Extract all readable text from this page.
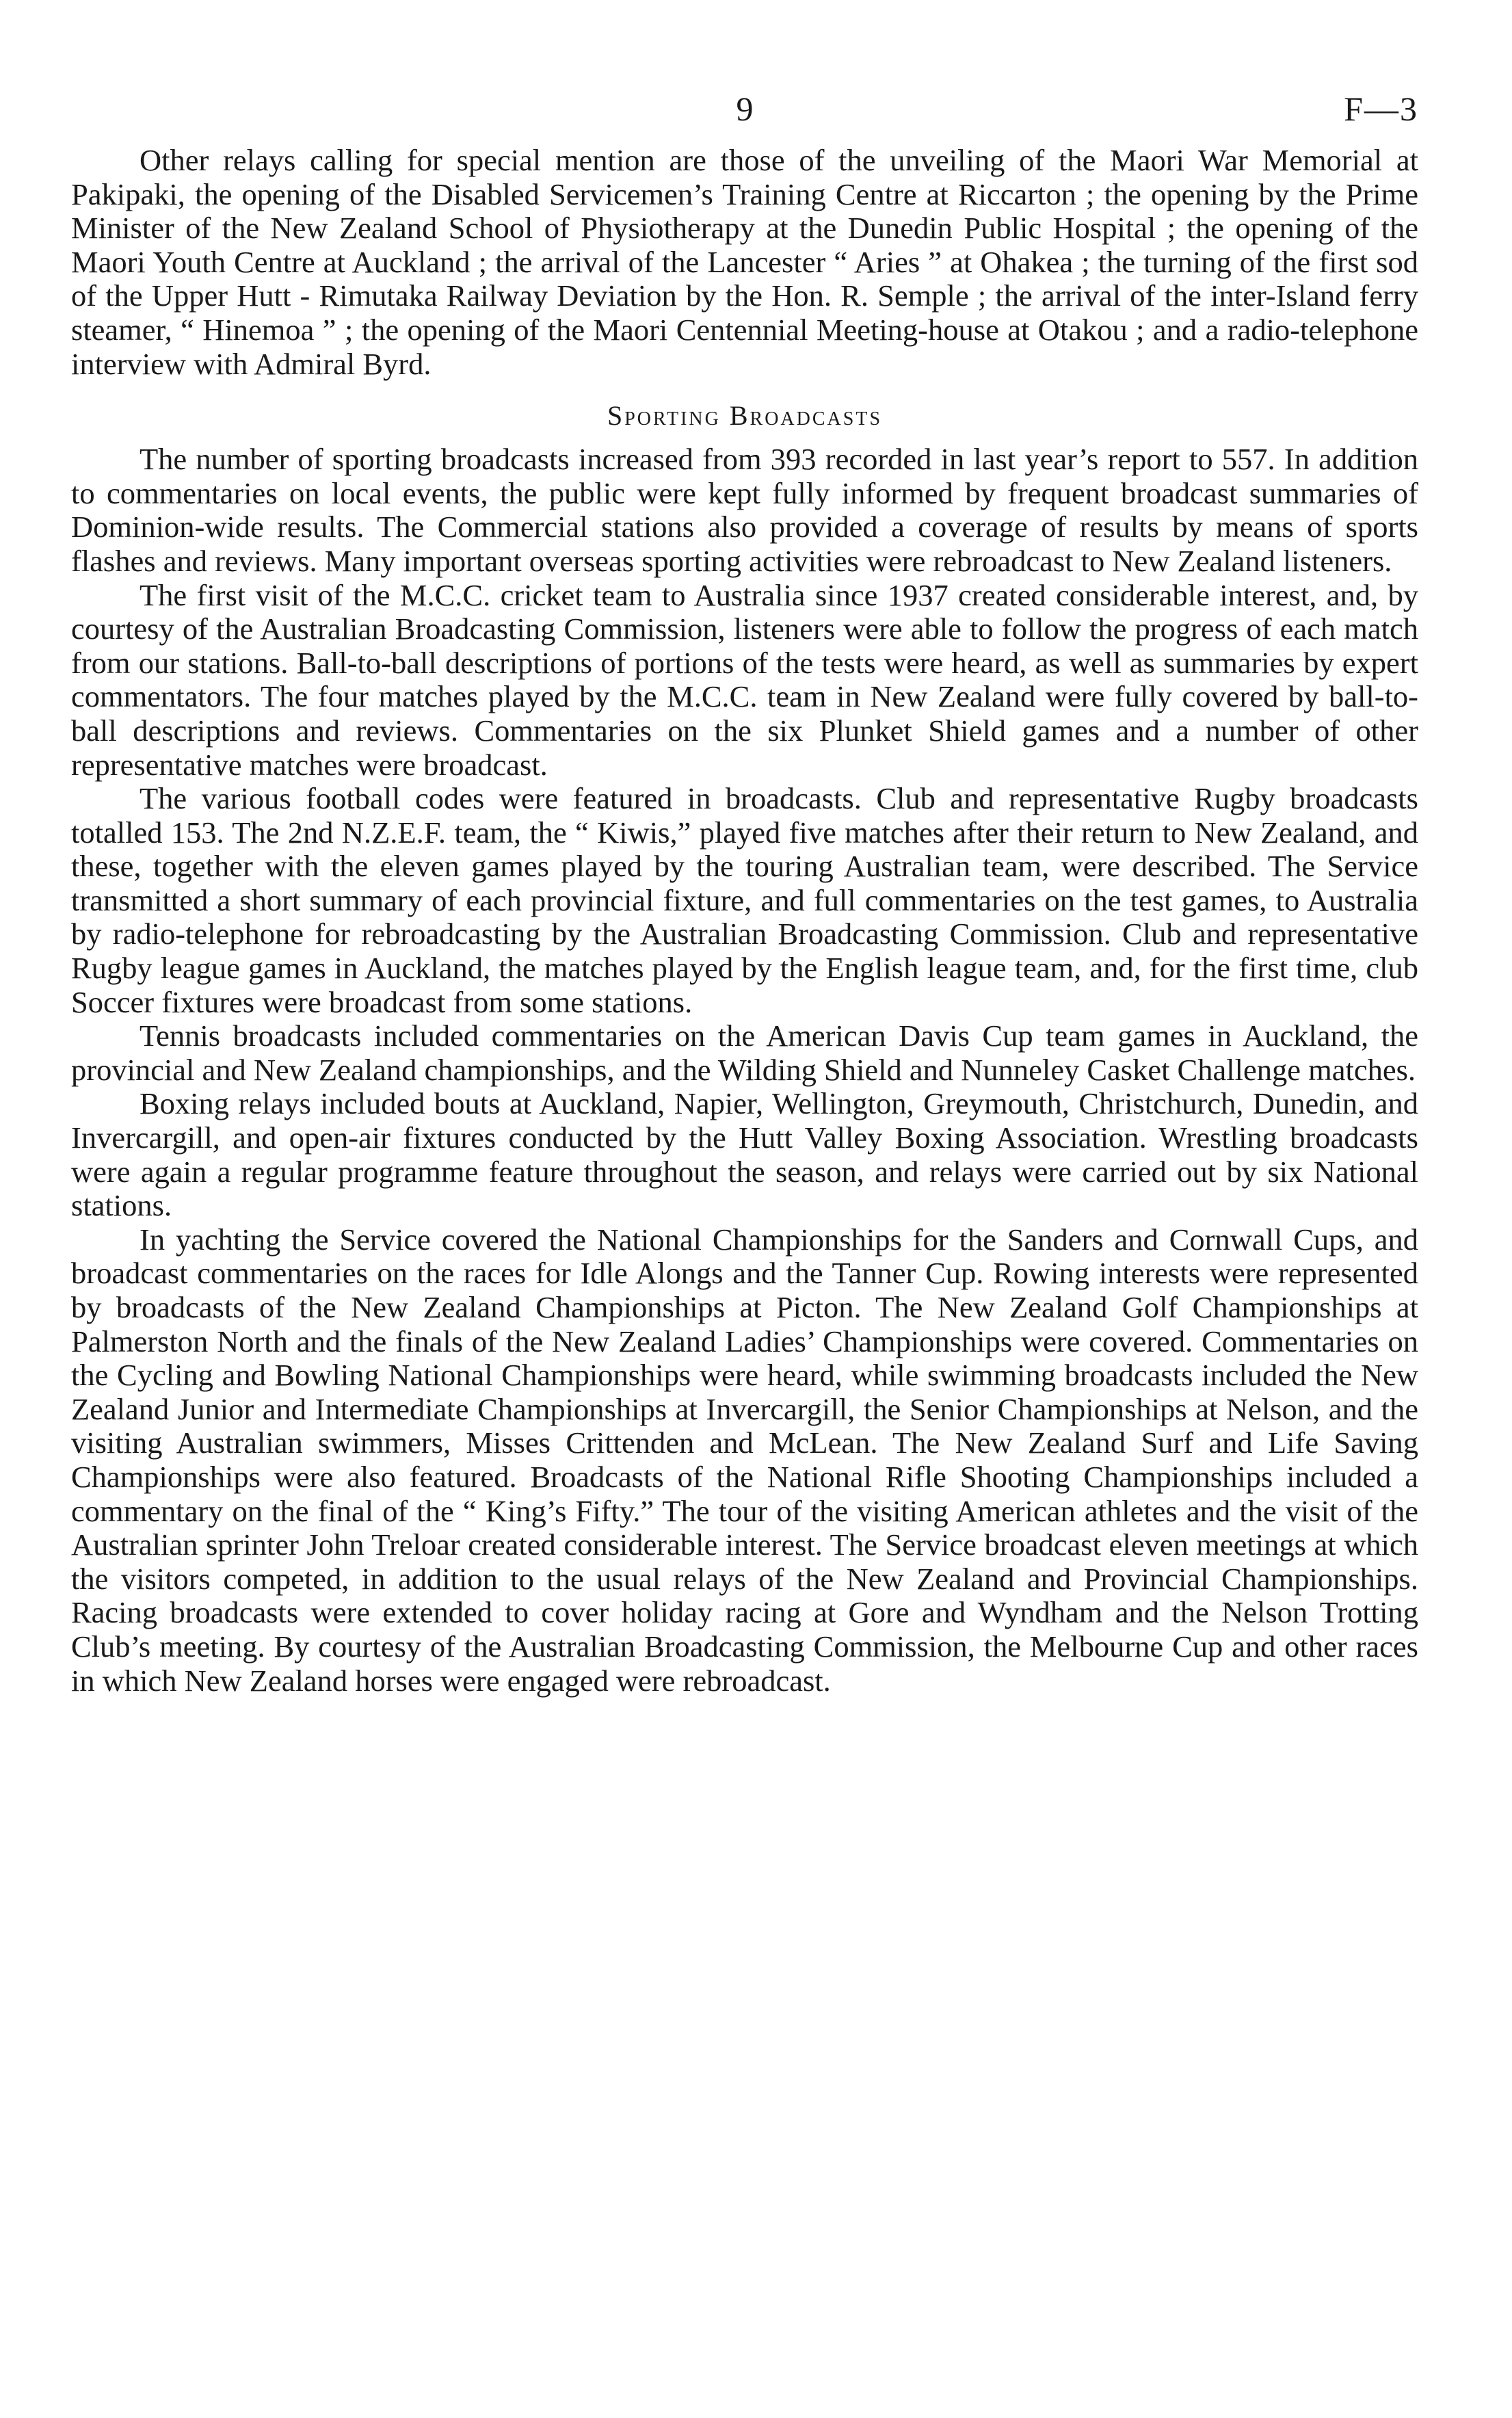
9	F—3

Other relays calling for special mention are those of the unveiling of the Maori War Memorial at Pakipaki, the opening of the Disabled Servicemen’s Training Centre at Riccarton ; the opening by the Prime Minister of the New Zealand School of Physiotherapy at the Dunedin Public Hospital ; the opening of the Maori Youth Centre at Auckland ; the arrival of the Lancester “ Aries ” at Ohakea ; the turning of the first sod of the Upper Hutt - Rimutaka Railway Deviation by the Hon. R. Semple ; the arrival of the inter-Island ferry steamer, “ Hinemoa ” ; the opening of the Maori Centennial Meeting-house at Otakou ; and a radio-telephone interview with Admiral Byrd.

Sporting Broadcasts

The number of sporting broadcasts increased from 393 recorded in last year’s report to 557. In addition to commentaries on local events, the public were kept fully informed by frequent broadcast summaries of Dominion-wide results. The Commercial stations also provided a coverage of results by means of sports flashes and reviews. Many important overseas sporting activities were rebroadcast to New Zealand listeners.

The first visit of the M.C.C. cricket team to Australia since 1937 created considerable interest, and, by courtesy of the Australian Broadcasting Commission, listeners were able to follow the progress of each match from our stations. Ball-to-ball descriptions of portions of the tests were heard, as well as summaries by expert commentators. The four matches played by the M.C.C. team in New Zealand were fully covered by ball-to-ball descriptions and reviews. Commentaries on the six Plunket Shield games and a number of other representative matches were broadcast.

The various football codes were featured in broadcasts. Club and representative Rugby broadcasts totalled 153. The 2nd N.Z.E.F. team, the “ Kiwis,” played five matches after their return to New Zealand, and these, together with the eleven games played by the touring Australian team, were described. The Service transmitted a short summary of each provincial fixture, and full commentaries on the test games, to Australia by radio-telephone for rebroadcasting by the Australian Broadcasting Commission. Club and representative Rugby league games in Auckland, the matches played by the English league team, and, for the first time, club Soccer fixtures were broadcast from some stations.

Tennis broadcasts included commentaries on the American Davis Cup team games in Auckland, the provincial and New Zealand championships, and the Wilding Shield and Nunneley Casket Challenge matches.

Boxing relays included bouts at Auckland, Napier, Wellington, Greymouth, Christchurch, Dunedin, and Invercargill, and open-air fixtures conducted by the Hutt Valley Boxing Association. Wrestling broadcasts were again a regular programme feature throughout the season, and relays were carried out by six National stations.

In yachting the Service covered the National Championships for the Sanders and Cornwall Cups, and broadcast commentaries on the races for Idle Alongs and the Tanner Cup. Rowing interests were represented by broadcasts of the New Zealand Championships at Picton. The New Zealand Golf Championships at Palmerston North and the finals of the New Zealand Ladies’ Championships were covered. Commentaries on the Cycling and Bowling National Championships were heard, while swimming broadcasts included the New Zealand Junior and Intermediate Championships at Invercargill, the Senior Championships at Nelson, and the visiting Australian swimmers, Misses Crittenden and McLean. The New Zealand Surf and Life Saving Championships were also featured. Broadcasts of the National Rifle Shooting Championships included a commentary on the final of the “ King’s Fifty.” The tour of the visiting American athletes and the visit of the Australian sprinter John Treloar created considerable interest. The Service broadcast eleven meetings at which the visitors competed, in addition to the usual relays of the New Zealand and Provincial Championships. Racing broadcasts were extended to cover holiday racing at Gore and Wyndham and the Nelson Trotting Club’s meeting. By courtesy of the Australian Broadcasting Commission, the Melbourne Cup and other races in which New Zealand horses were engaged were rebroadcast.
